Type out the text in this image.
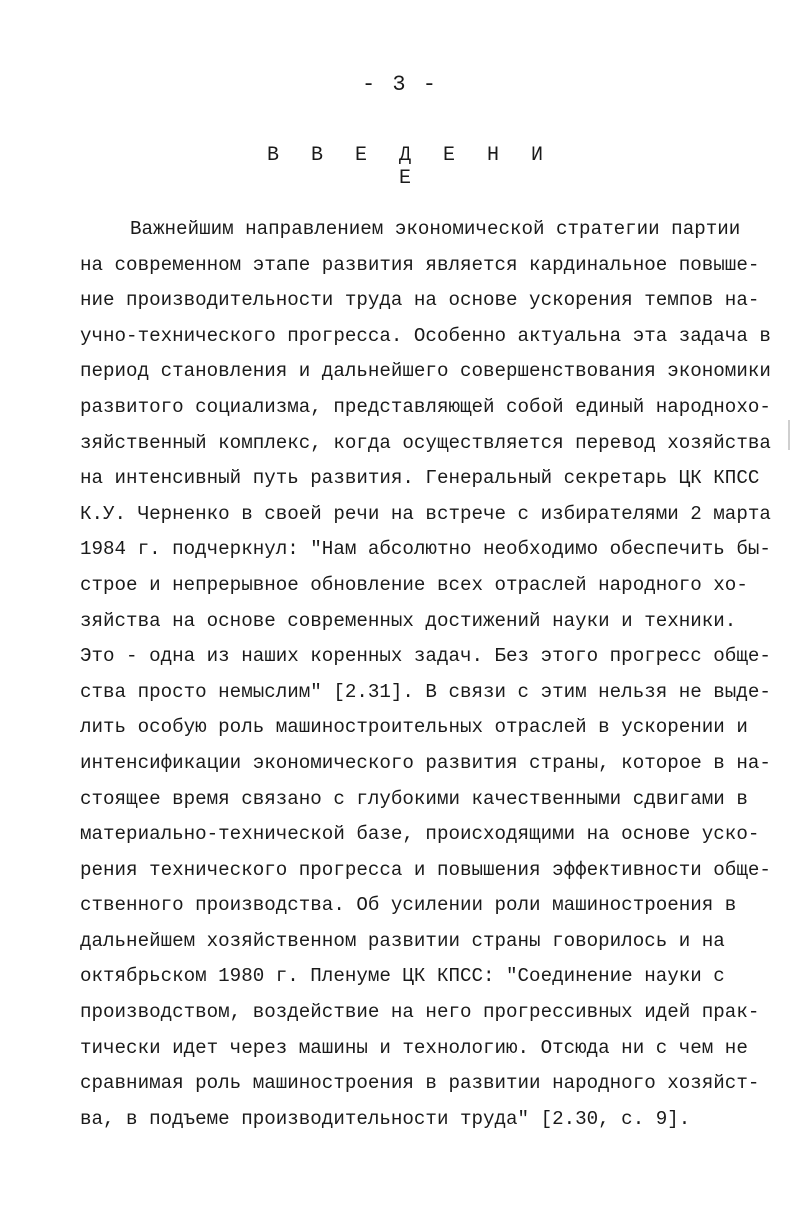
- 3 -
В В Е Д Е Н И Е
Важнейшим направлением экономической стратегии партии
на современном этапе развития является кардинальное повыше-
ние производительности труда на основе ускорения темпов на-
учно-технического прогресса. Особенно актуальна эта задача в
период становления и дальнейшего совершенствования экономики
развитого социализма, представляющей собой единый народнохо-
зяйственный комплекс, когда осуществляется перевод хозяйства
на интенсивный путь развития. Генеральный секретарь ЦК КПСС
К.У. Черненко в своей речи на встрече с избирателями 2 марта
1984 г. подчеркнул: "Нам абсолютно необходимо обеспечить бы-
строе и непрерывное обновление всех отраслей народного хо-
зяйства на основе современных достижений науки и техники.
Это - одна из наших коренных задач. Без этого прогресс обще-
ства просто немыслим" [2.31]. В связи с этим нельзя не выде-
лить особую роль машиностроительных отраслей в ускорении и
интенсификации экономического развития страны, которое в на-
стоящее время связано с глубокими качественными сдвигами в
материально-технической базе, происходящими на основе уско-
рения технического прогресса и повышения эффективности обще-
ственного производства. Об усилении роли машиностроения в
дальнейшем хозяйственном развитии страны говорилось и на
октябрьском 1980 г. Пленуме ЦК КПСС: "Соединение науки с
производством, воздействие на него прогрессивных идей прак-
тически идет через машины и технологию. Отсюда ни с чем не
сравнимая роль машиностроения в развитии народного хозяйст-
ва, в подъеме производительности труда" [2.30, с. 9].
